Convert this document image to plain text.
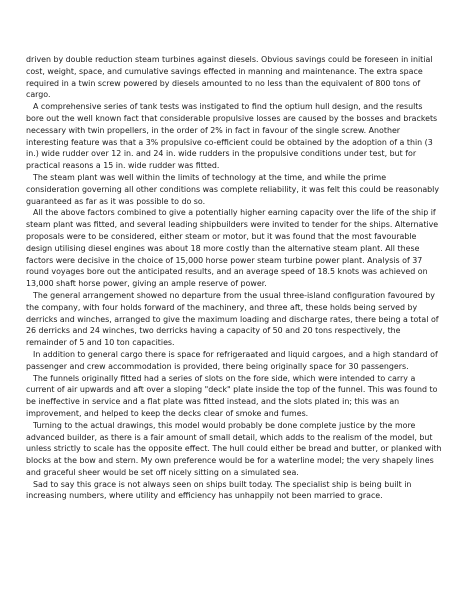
driven by double reduction steam turbines against diesels. Obvious savings could be foreseen in initial cost, weight, space, and cumulative savings effected in manning and maintenance. The extra space required in a twin screw powered by diesels amounted to no less than the equivalent of 800 tons of cargo.

A comprehensive series of tank tests was instigated to find the optium hull design, and the results bore out the well known fact that considerable propulsive losses are caused by the bosses and brackets necessary with twin propellers, in the order of 2% in fact in favour of the single screw. Another interesting feature was that a 3% propulsive co-efficient could be obtained by the adoption of a thin (3 in.) wide rudder over 12 in. and 24 in. wide rudders in the propulsive conditions under test, but for practical reasons a 15 in. wide rudder was fitted.

The steam plant was well within the limits of technology at the time, and while the prime consideration governing all other conditions was complete reliability, it was felt this could be reasonably guaranteed as far as it was possible to do so.

All the above factors combined to give a potentially higher earning capacity over the life of the ship if steam plant was fitted, and several leading shipbuilders were invited to tender for the ships. Alternative proposals were to be considered, either steam or motor, but it was found that the most favourable design utilising diesel engines was about 18 more costly than the alternative steam plant. All these factors were decisive in the choice of 15,000 horse power steam turbine power plant. Analysis of 37 round voyages bore out the anticipated results, and an average speed of 18.5 knots was achieved on 13,000 shaft horse power, giving an ample reserve of power.

The general arrangement showed no departure from the usual three-island configuration favoured by the company, with four holds forward of the machinery, and three aft, these holds being served by derricks and winches, arranged to give the maximum loading and discharge rates, there being a total of 26 derricks and 24 winches, two derricks having a capacity of 50 and 20 tons respectively, the remainder of 5 and 10 ton capacities.

In addition to general cargo there is space for refrigeraated and liquid cargoes, and a high standard of passenger and crew accommodation is provided, there being originally space for 30 passengers.

The funnels originally fitted had a series of slots on the fore side, which were intended to carry a current of air upwards and aft over a sloping "deck" plate inside the top of the funnel. This was found to be ineffective in service and a flat plate was fitted instead, and the slots plated in; this was an improvement, and helped to keep the decks clear of smoke and fumes.

Turning to the actual drawings, this model would probably be done complete justice by the more advanced builder, as there is a fair amount of small detail, which adds to the realism of the model, but unless strictly to scale has the opposite effect. The hull could either be bread and butter, or planked with blocks at the bow and stern. My own preference would be for a waterline model; the very shapely lines and graceful sheer would be set off nicely sitting on a simulated sea.

Sad to say this grace is not always seen on ships built today. The specialist ship is being built in increasing numbers, where utility and efficiency has unhappily not been married to grace.
